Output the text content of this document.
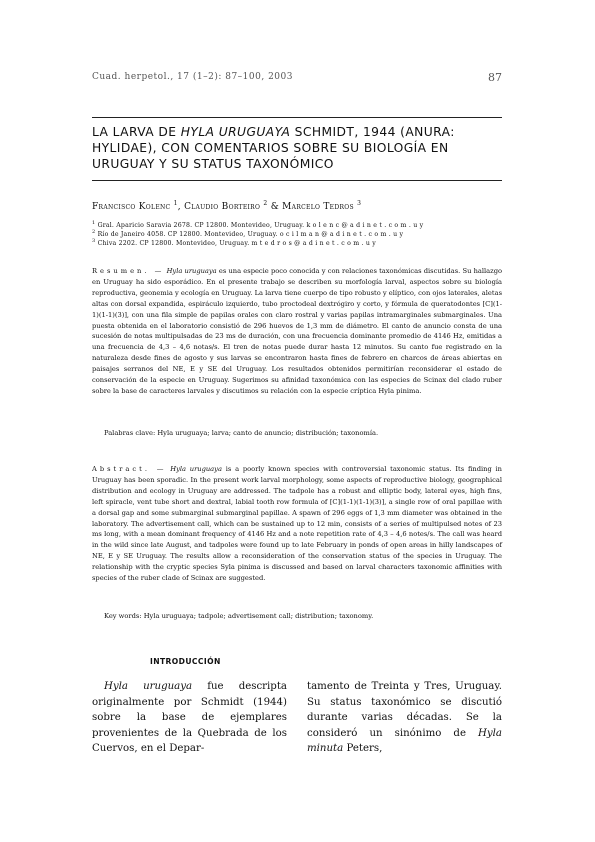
Cuad. herpetol., 17 (1–2): 87–100, 2003	87
LA LARVA DE HYLA URUGUAYA SCHMIDT, 1944 (ANURA: HYLIDAE), CON COMENTARIOS SOBRE SU BIOLOGÍA EN URUGUAY Y SU STATUS TAXONÓMICO
Francisco Kolenc $^1$, Claudio Borteiro $^2$ & Marcelo Tedros $^3$
$^1$ Gral. Aparicio Saravia 2678. CP 12800. Montevideo, Uruguay. kolenc@adinet.com.uy
$^2$ Río de Janeiro 4058. CP 12800. Montevideo, Uruguay. ocilman@adinet.com.uy
$^3$ Chiva 2202. CP 12800. Montevideo, Uruguay. mtedros@adinet.com.uy

Resumen. — Hyla uruguaya es una especie poco conocida y con relaciones taxonómicas discutidas. Su hallazgo en Uruguay ha sido esporádico. En el presente trabajo se describen su morfología larval, aspectos sobre su biología reproductiva, geonemia y ecología en Uruguay. La larva tiene cuerpo de tipo robusto y elíptico, con ojos laterales, aletas altas con dorsal expandida, espiráculo izquierdo, tubo proctodeal dextrógiro y corto, y fórmula de queratodontes [C](1-1)(1-1)(3)], con una fila simple de papilas orales con claro rostral y varias papilas intramarginales submarginales. Una puesta obtenida en el laboratorio consistió de 296 huevos de 1,3 mm de diámetro. El canto de anuncio consta de una sucesión de notas multipulsadas de 23 ms de duración, con una frecuencia dominante promedio de 4146 Hz, emitidas a una frecuencia de 4,3 – 4,6 notas/s. El tren de notas puede durar hasta 12 minutos. Su canto fue registrado en la naturaleza desde fines de agosto y sus larvas se encontraron hasta fines de febrero en charcos de áreas abiertas en paisajes serranos del NE, E y SE del Uruguay. Los resultados obtenidos permitirían reconsiderar el estado de conservación de la especie en Uruguay. Sugerimos su afinidad taxonómica con las especies de Scinax del clado ruber sobre la base de caracteres larvales y discutimos su relación con la especie críptica Hyla pinima.

Palabras clave: Hyla uruguaya; larva; canto de anuncio; distribución; taxonomía.

Abstract. — Hyla uruguaya is a poorly known species with controversial taxonomic status. Its finding in Uruguay has been sporadic. In the present work larval morphology, some aspects of reproductive biology, geographical distribution and ecology in Uruguay are addressed. The tadpole has a robust and elliptic body, lateral eyes, high fins, left spiracle, vent tube short and dextral, labial tooth row formula of [C](1-1)(1-1)(3)], a single row of oral papillae with a dorsal gap and some submarginal submarginal papillae. A spawn of 296 eggs of 1,3 mm diameter was obtained in the laboratory. The advertisement call, which can be sustained up to 12 min, consists of a series of multipulsed notes of 23 ms long, with a mean dominant frequency of 4146 Hz and a note repetition rate of 4,3 – 4,6 notes/s. The call was heard in the wild since late August, and tadpoles were found up to late February in ponds of open areas in hilly landscapes of NE, E y SE Uruguay. The results allow a reconsideration of the conservation status of the species in Uruguay. The relationship with the cryptic species Syla pinima is discussed and based on larval characters taxonomic affinities with species of the ruber clade of Scinax are suggested.

Key words: Hyla uruguaya; tadpole; advertisement call; distribution; taxonomy.
INTRODUCCIÓN

Hyla uruguaya fue descripta originalmente por Schmidt (1944) sobre la base de ejemplares provenientes de la Quebrada de los Cuervos, en el Depar-

tamento de Treinta y Tres, Uruguay. Su status taxonómico se discutió durante varias décadas. Se la consideró un sinónimo de Hyla minuta Peters,
